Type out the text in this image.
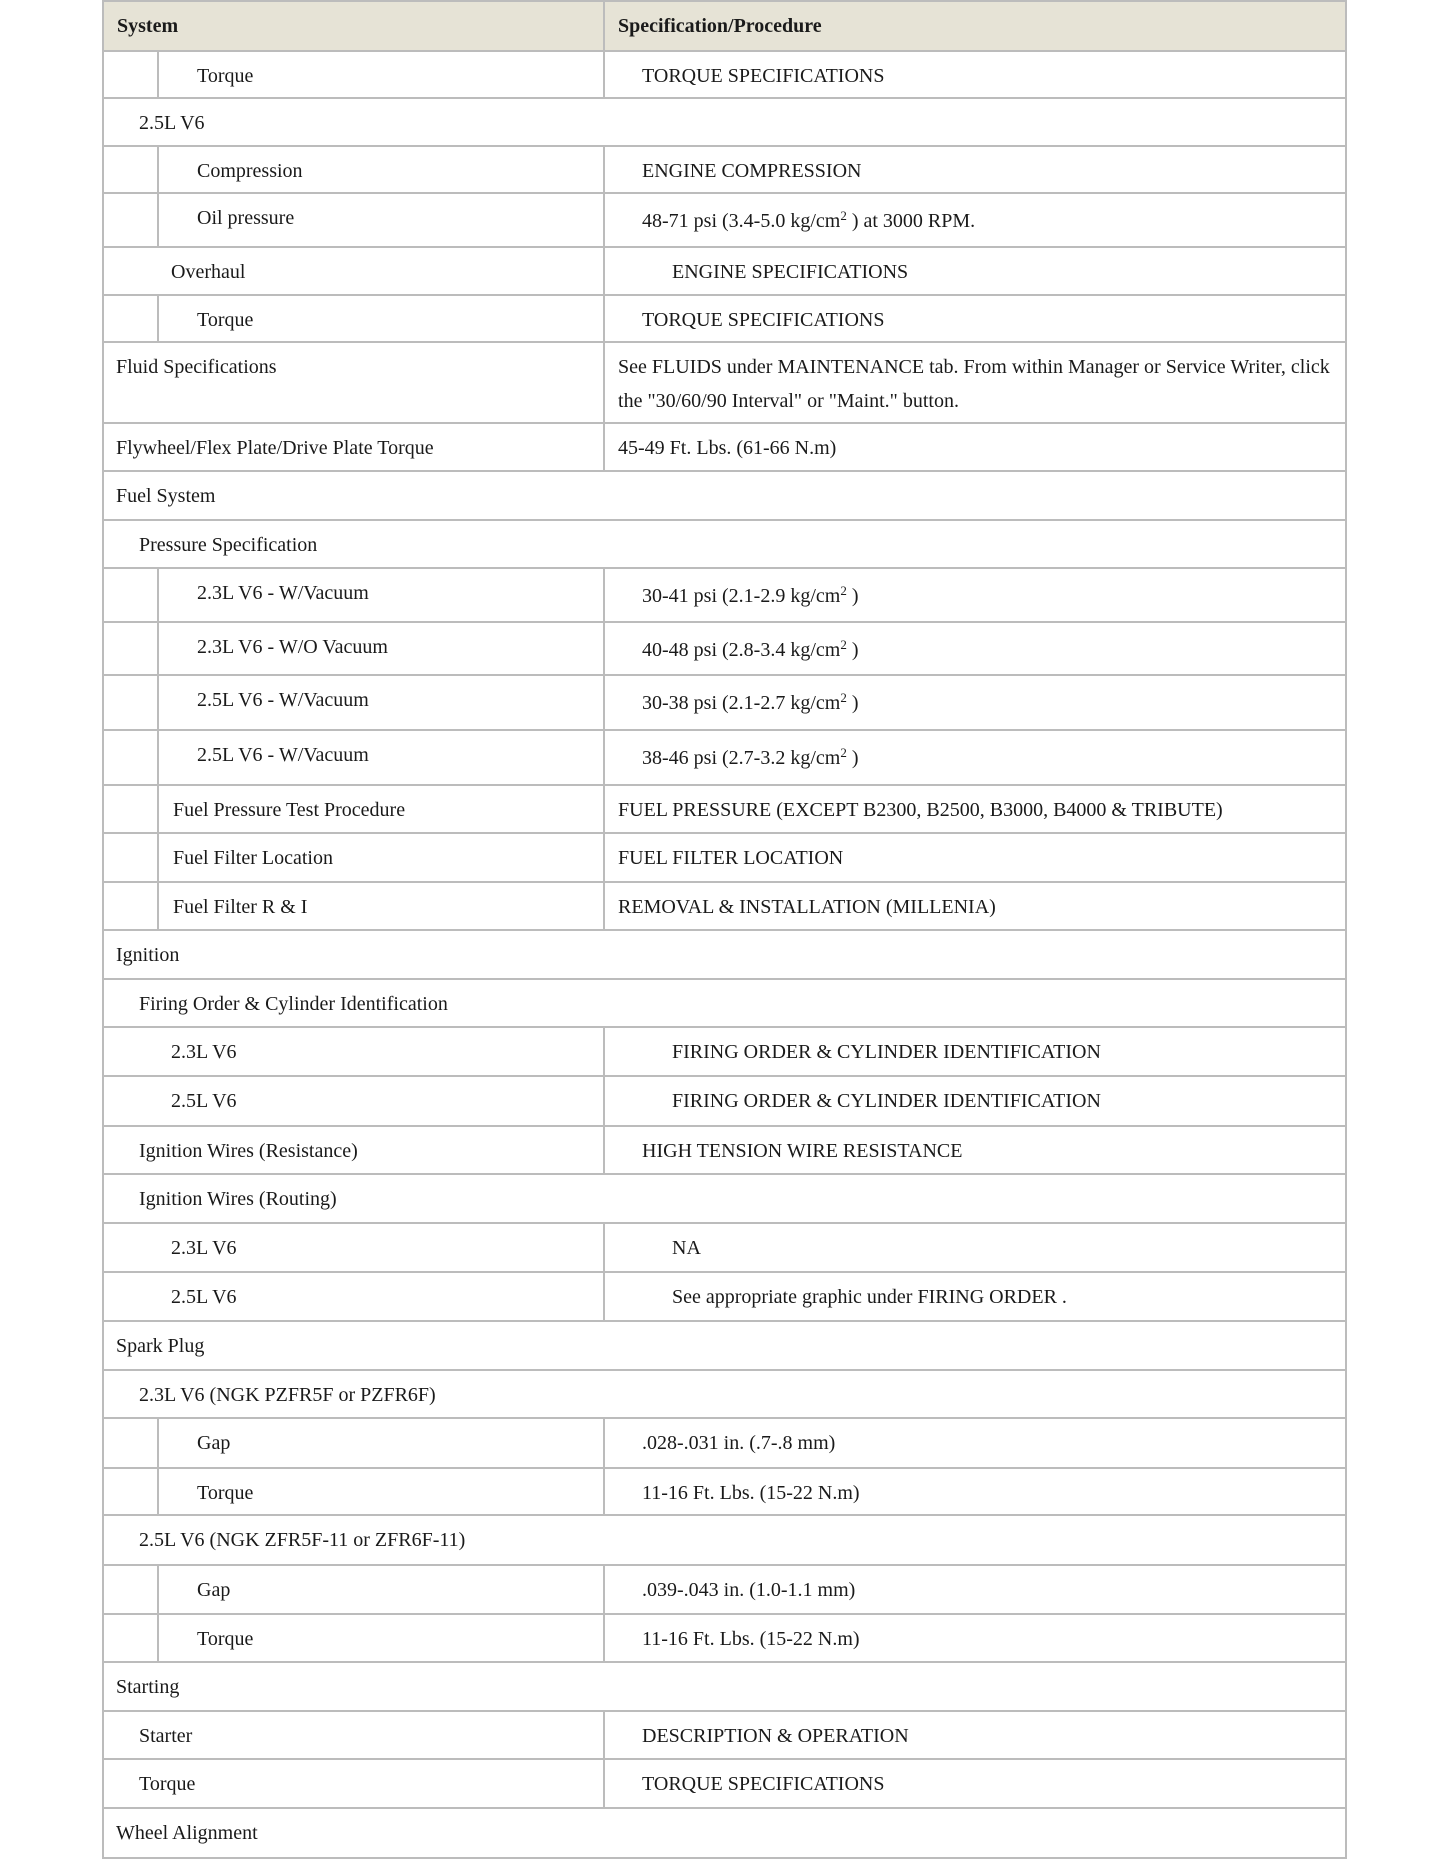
System		Specification/Procedure
	Torque	TORQUE SPECIFICATIONS
2.5L V6		
	Compression	ENGINE COMPRESSION
	Oil pressure	48-71 psi (3.4-5.0 $kg/cm^2$ ) at 3000 RPM.
Overhaul		ENGINE SPECIFICATIONS
	Torque	TORQUE SPECIFICATIONS
Fluid Specifications		See FLUIDS under MAINTENANCE tab. From within Manager or Service Writer, click the "30/60/90 Interval" or "Maint." button.
Flywheel/Flex Plate/Drive Plate Torque		45-49 Ft. Lbs. (61-66 N.m)
Fuel System		
Pressure Specification		
	2.3L V6 - W/Vacuum	30-41 psi (2.1-2.9 $kg/cm^2$ )
	2.3L V6 - W/O Vacuum	40-48 psi (2.8-3.4 $kg/cm^2$ )
	2.5L V6 - W/Vacuum	30-38 psi (2.1-2.7 $kg/cm^2$ )
	2.5L V6 - W/Vacuum	38-46 psi (2.7-3.2 $kg/cm^2$ )
	Fuel Pressure Test Procedure	FUEL PRESSURE (EXCEPT B2300, B2500, B3000, B4000 & TRIBUTE)
	Fuel Filter Location	FUEL FILTER LOCATION
	Fuel Filter R & I	REMOVAL & INSTALLATION (MILLENIA)
Ignition		
Firing Order & Cylinder Identification		
2.3L V6		FIRING ORDER & CYLINDER IDENTIFICATION
2.5L V6		FIRING ORDER & CYLINDER IDENTIFICATION
Ignition Wires (Resistance)		HIGH TENSION WIRE RESISTANCE
Ignition Wires (Routing)		
2.3L V6		NA
2.5L V6		See appropriate graphic under FIRING ORDER .
Spark Plug		
2.3L V6 (NGK PZFR5F or PZFR6F)		
	Gap	.028-.031 in. (.7-.8 mm)
	Torque	11-16 Ft. Lbs. (15-22 N.m)
2.5L V6 (NGK ZFR5F-11 or ZFR6F-11)		
	Gap	.039-.043 in. (1.0-1.1 mm)
	Torque	11-16 Ft. Lbs. (15-22 N.m)
Starting		
Starter		DESCRIPTION & OPERATION
Torque		TORQUE SPECIFICATIONS
Wheel Alignment		
